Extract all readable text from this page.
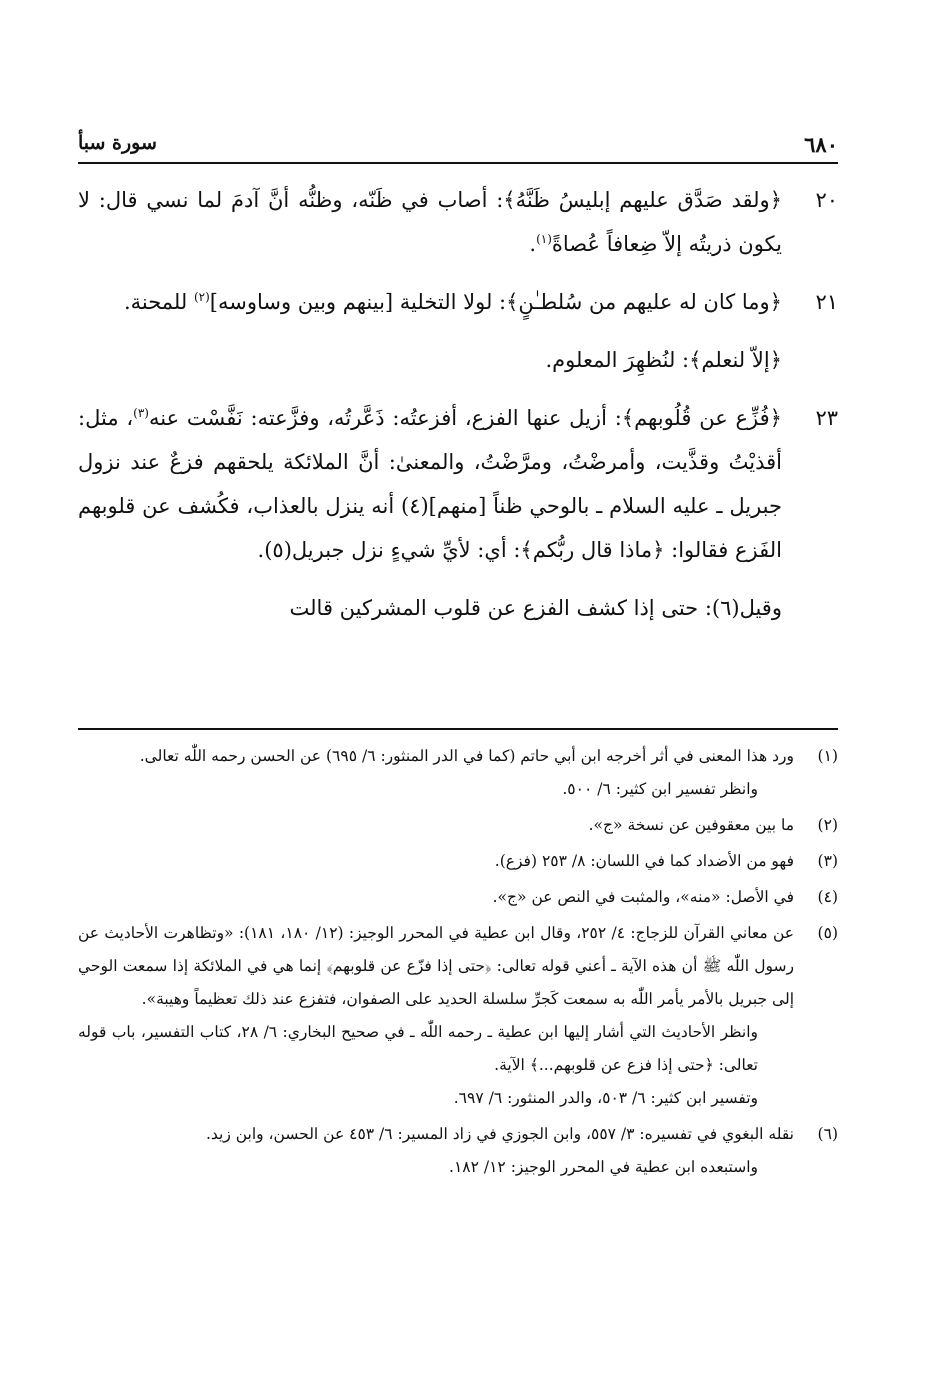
٦٨٠
سورة سبأ
٢٠

﴿ولقد صَدَّق عليهم إبليسُ ظَنَّهُ﴾: أصاب في ظَنّه، وظنُّه أنَّ آدمَ لما نسي قال: لا يكون ذريتُه إلاّ ضِعافاً عُصاةً$^{(١)}$.

٢١

﴿وما كان له عليهم من سُلطـٰنٍ﴾: لولا التخلية [بينهم وبين وساوسه]$^{(٢)}$ للمحنة.

﴿إلاّ لنعلم﴾: لنُظهِرَ المعلوم.

٢٣

﴿فُزِّع عن قُلُوبهم﴾: أزيل عنها الفزع، أفزعتُه: ذَعَّرتُه، وفزَّعته: نَفَّسْت عنه$^{(٣)}$، مثل: أقذيْتُ وقذَّيت، وأمرضْتُ، ومرَّضْتُ، والمعنىٰ: أنَّ الملائكة يلحقهم فزعٌ عند نزول جبريل ـ عليه السلام ـ بالوحي ظناً [منهم](٤) أنه ينزل بالعذاب، فكُشف عن قلوبهم الفَزع فقالوا: ﴿ماذا قال ربُّكم﴾: أي: لأيِّ شيءٍ نزل جبريل(٥).

وقيل(٦): حتى إذا كشف الفزع عن قلوب المشركين قالت

(١)

ورد هذا المعنى في أثر أخرجه ابن أبي حاتم (كما في الدر المنثور: ٦/ ٦٩٥) عن الحسن رحمه اللّٰه تعالى.

وانظر تفسير ابن كثير: ٦/ ٥٠٠.

(٢)

ما بين معقوفين عن نسخة «ج».

(٣)

فهو من الأضداد كما في اللسان: ٨/ ٢٥٣ (فزع).

(٤)

في الأصل: «منه»، والمثبت في النص عن «ج».

(٥)

عن معاني القرآن للزجاج: ٤/ ٢٥٢، وقال ابن عطية في المحرر الوجيز: (١٢/ ١٨٠، ١٨١): «وتظاهرت الأحاديث عن رسول اللّٰه ﷺ أن هذه الآية ـ أعني قوله تعالى: ﴿حتى إذا فزّع عن قلوبهم﴾ إنما هي في الملائكة إذا سمعت الوحي إلى جبريل بالأمر يأمر اللّٰه به سمعت كَجرِّ سلسلة الحديد على الصفوان، فتفزع عند ذلك تعظيماً وهيبة».

وانظر الأحاديث التي أشار إليها ابن عطية ـ رحمه اللّٰه ـ في صحيح البخاري: ٦/ ٢٨، كتاب التفسير، باب قوله تعالى: ﴿حتى إذا فزع عن قلوبهم...﴾ الآية.

وتفسير ابن كثير: ٦/ ٥٠٣، والدر المنثور: ٦/ ٦٩٧.

(٦)

نقله البغوي في تفسيره: ٣/ ٥٥٧، وابن الجوزي في زاد المسير: ٦/ ٤٥٣ عن الحسن، وابن زيد.

واستبعده ابن عطية في المحرر الوجيز: ١٢/ ١٨٢.
